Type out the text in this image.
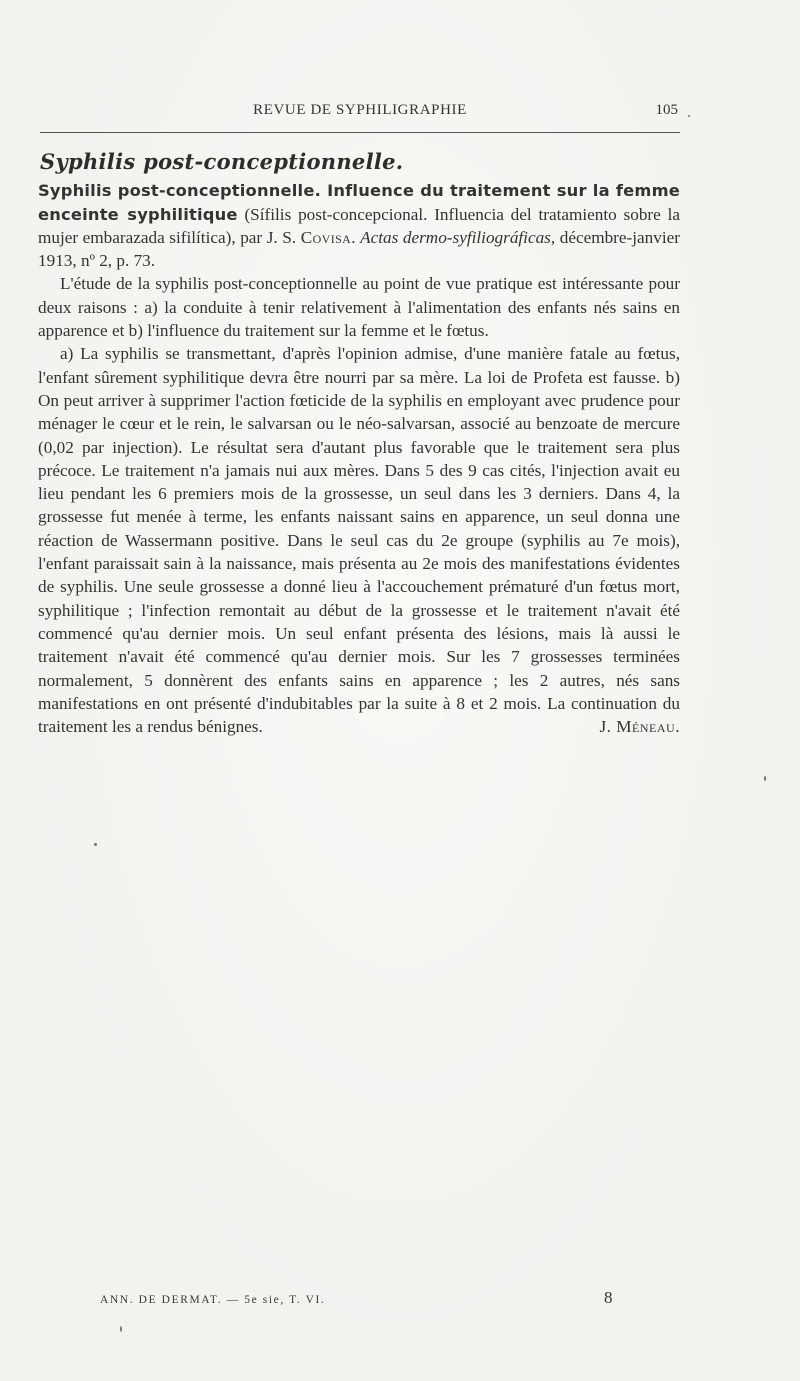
REVUE DE SYPHILIGRAPHIE	105
Syphilis post-conceptionnelle.

Syphilis post-conceptionnelle. Influence du traitement sur la femme enceinte syphilitique (Sífilis post-concepcional. Influencia del tratamiento sobre la mujer embarazada sifilítica), par J. S. Covisa. Actas dermo-syfiliográficas, décembre-janvier 1913, nº 2, p. 73.

L'étude de la syphilis post-conceptionnelle au point de vue pratique est intéressante pour deux raisons : a) la conduite à tenir relativement à l'alimentation des enfants nés sains en apparence et b) l'influence du traitement sur la femme et le fœtus.

a) La syphilis se transmettant, d'après l'opinion admise, d'une manière fatale au fœtus, l'enfant sûrement syphilitique devra être nourri par sa mère. La loi de Profeta est fausse. b) On peut arriver à supprimer l'action fœticide de la syphilis en employant avec prudence pour ménager le cœur et le rein, le salvarsan ou le néo-salvarsan, associé au benzoate de mercure (0,02 par injection). Le résultat sera d'autant plus favorable que le traitement sera plus précoce. Le traitement n'a jamais nui aux mères. Dans 5 des 9 cas cités, l'injection avait eu lieu pendant les 6 premiers mois de la grossesse, un seul dans les 3 derniers. Dans 4, la grossesse fut menée à terme, les enfants naissant sains en apparence, un seul donna une réaction de Wassermann positive. Dans le seul cas du 2e groupe (syphilis au 7e mois), l'enfant paraissait sain à la naissance, mais présenta au 2e mois des manifestations évidentes de syphilis. Une seule grossesse a donné lieu à l'accouchement prématuré d'un fœtus mort, syphilitique ; l'infection remontait au début de la grossesse et le traitement n'avait été commencé qu'au dernier mois. Un seul enfant présenta des lésions, mais là aussi le traitement n'avait été commencé qu'au dernier mois. Sur les 7 grossesses terminées normalement, 5 donnèrent des enfants sains en apparence ; les 2 autres, nés sans manifestations en ont présenté d'indubitables par la suite à 8 et 2 mois. La continuation du traitement les a rendus bénignes.	J. Méneau.

ANN. DE DERMAT. — 5e sie, T. VI.	8
